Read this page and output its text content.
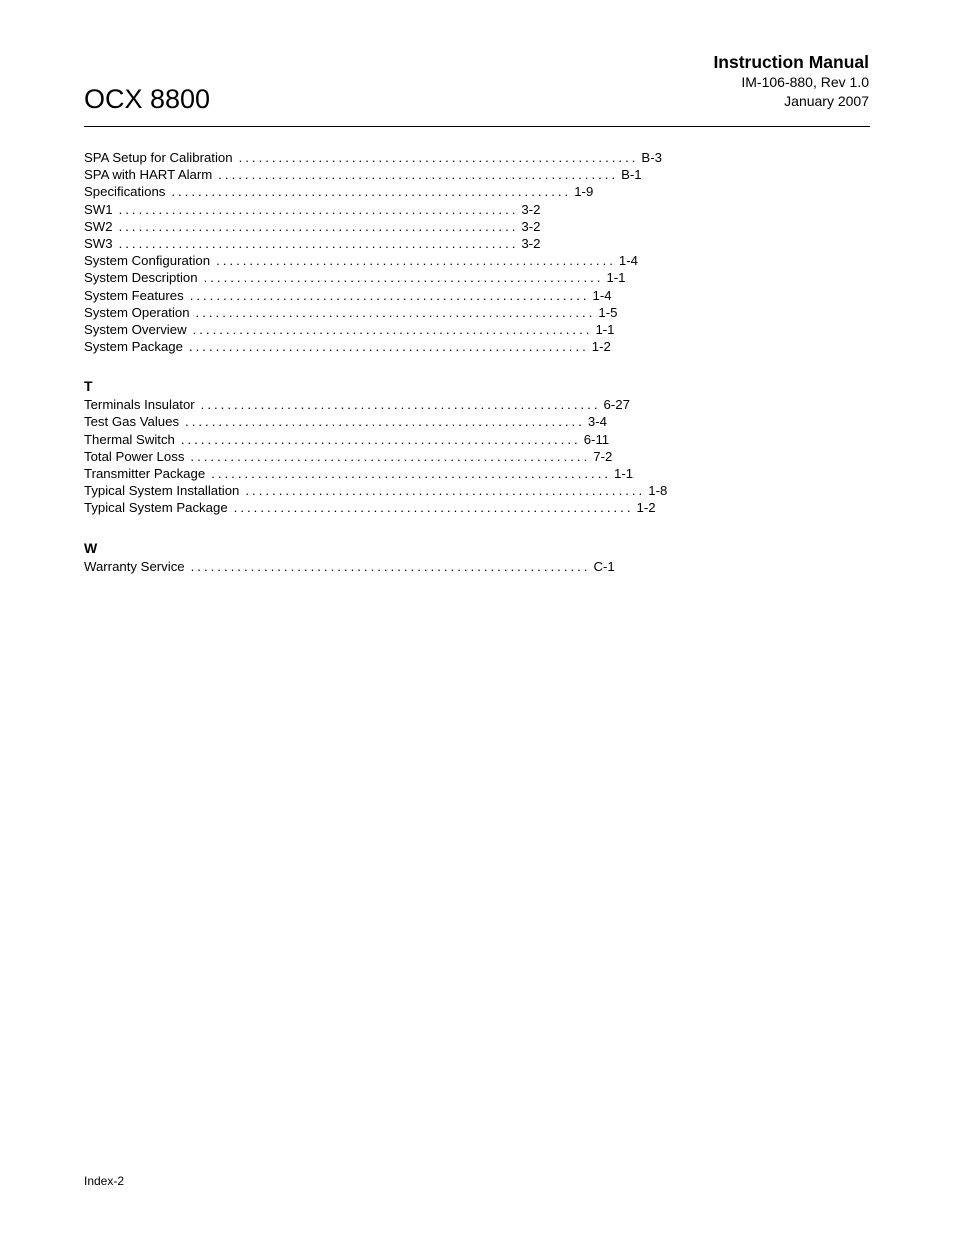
OCX 8800
Instruction Manual
IM-106-880, Rev 1.0
January 2007
SPA Setup for Calibration ............................................................ B-3
SPA with HART Alarm ............................................................ B-1
Specifications ............................................................ 1-9
SW1 ............................................................ 3-2
SW2 ............................................................ 3-2
SW3 ............................................................ 3-2
System Configuration ............................................................ 1-4
System Description ............................................................ 1-1
System Features ............................................................ 1-4
System Operation ............................................................ 1-5
System Overview ............................................................ 1-1
System Package ............................................................ 1-2
T
Terminals Insulator ............................................................ 6-27
Test Gas Values ............................................................ 3-4
Thermal Switch ............................................................ 6-11
Total Power Loss ............................................................ 7-2
Transmitter Package ............................................................ 1-1
Typical System Installation ............................................................ 1-8
Typical System Package ............................................................ 1-2
W
Warranty Service ............................................................ C-1
Index-2
